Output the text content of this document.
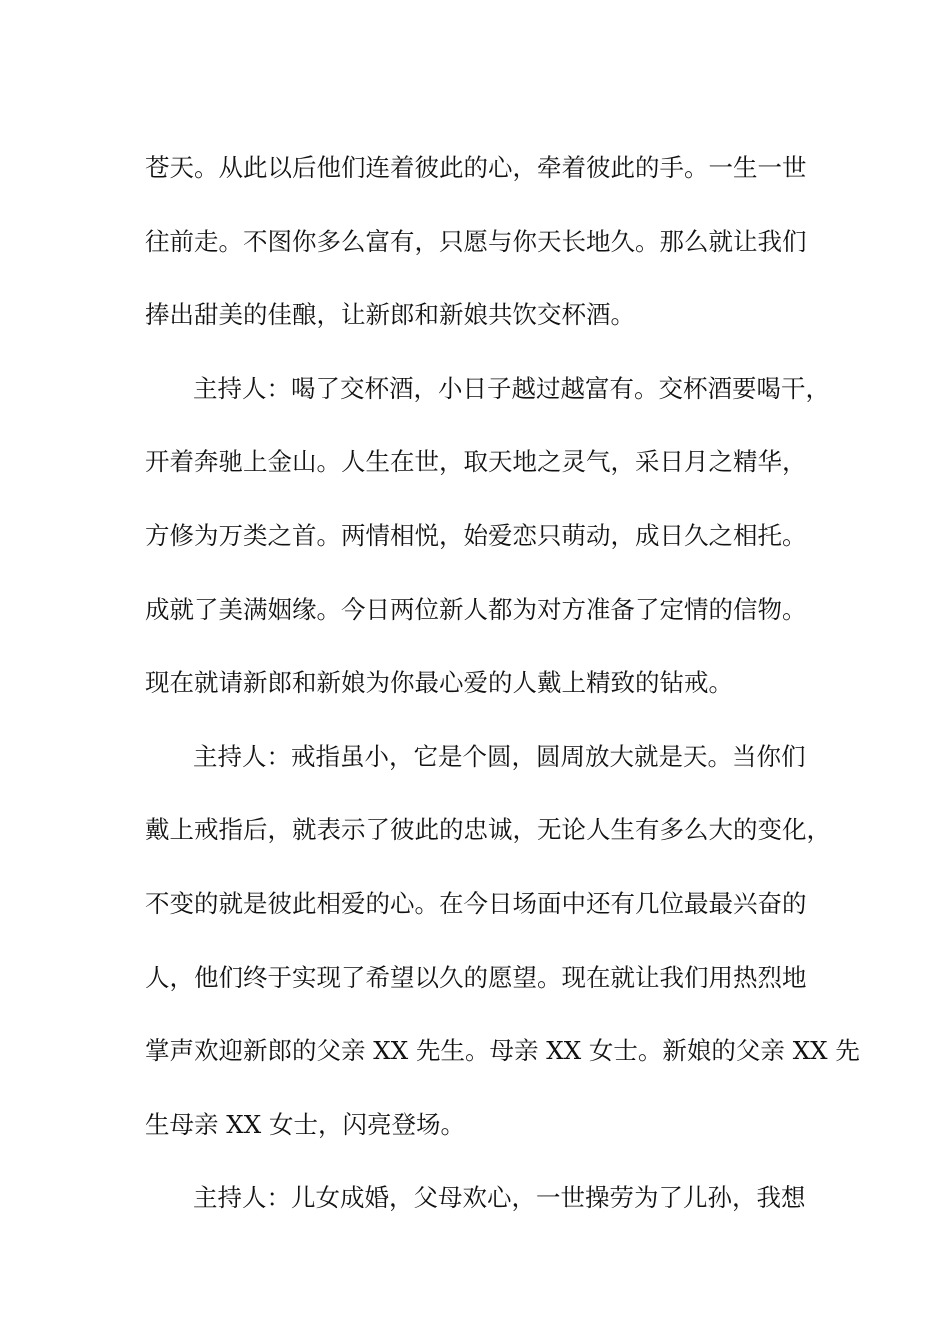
苍天。从此以后他们连着彼此的心，牵着彼此的手。一生一世
往前走。不图你多么富有，只愿与你天长地久。那么就让我们
捧出甜美的佳酿，让新郎和新娘共饮交杯酒。
主持人：喝了交杯酒，小日子越过越富有。交杯酒要喝干，
开着奔驰上金山。人生在世，取天地之灵气，采日月之精华，
方修为万类之首。两情相悦，始爱恋只萌动，成日久之相托。
成就了美满姻缘。今日两位新人都为对方准备了定情的信物。
现在就请新郎和新娘为你最心爱的人戴上精致的钻戒。
主持人：戒指虽小，它是个圆，圆周放大就是天。当你们
戴上戒指后，就表示了彼此的忠诚，无论人生有多么大的变化，
不变的就是彼此相爱的心。在今日场面中还有几位最最兴奋的
人，他们终于实现了希望以久的愿望。现在就让我们用热烈地
掌声欢迎新郎的父亲 XX 先生。母亲 XX 女士。新娘的父亲 XX 先
生母亲 XX 女士，闪亮登场。
主持人：儿女成婚，父母欢心，一世操劳为了儿孙，我想
